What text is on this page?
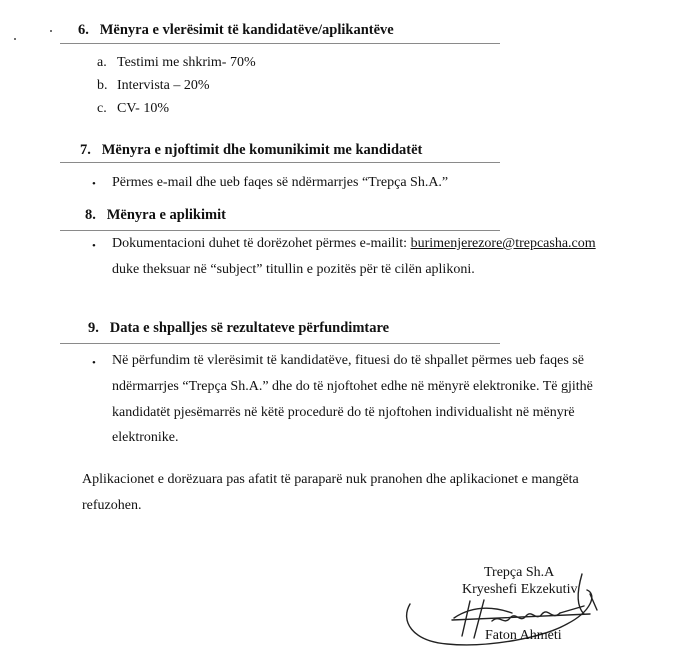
6. Mënyra e vlerësimit të kandidatëve/aplikantëve
a. Testimi me shkrim- 70%
b. Intervista – 20%
c. CV- 10%
7. Mënyra e njoftimit dhe komunikimit me kandidatët
• Përmes e-mail dhe ueb faqes së ndërmarrjes “Trepça Sh.A.”
8. Mënyra e aplikimit
• Dokumentacioni duhet të dorëzohet përmes e-mailit: burimenjerezore@trepcasha.com
duke theksuar në “subject” titullin e pozitës për të cilën aplikoni.
9. Data e shpalljes së rezultateve përfundimtare
• Në përfundim të vlerësimit të kandidatëve, fituesi do të shpallet përmes ueb faqes së
ndërmarrjes “Trepça Sh.A.” dhe do të njoftohet edhe në mënyrë elektronike. Të gjithë
kandidatët pjesëmarrës në këtë procedurë do të njoftohen individualisht në mënyrë
elektronike.
Aplikacionet e dorëzuara pas afatit të paraparë nuk pranohen dhe aplikacionet e mangëta
refuzohen.
Trepça Sh.A
Kryeshefi Ekzekutiv
Faton Ahmeti
